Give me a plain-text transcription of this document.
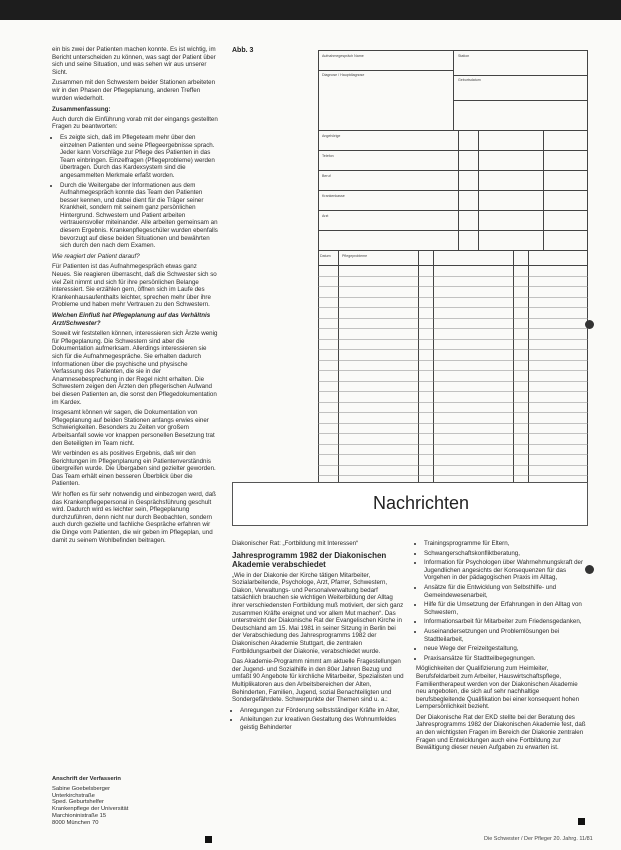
ein bis zwei der Patienten machen konnte. Es ist wichtig, im Bericht unterscheiden zu können, was sagt der Patient über sich und seine Situation, und was sehen wir aus unserer Sicht.

Zusammen mit den Schwestern beider Stationen arbeiteten wir in den Phasen der Pflegeplanung, anderen Treffen wurden wiederholt.

Zusammenfassung:

Auch durch die Einführung vorab mit der eingangs gestellten Fragen zu beantworten:

• Es zeigte sich, daß im Pflegeteam mehr über den einzelnen Patienten und seine Pflegeergebnisse sprach. Jeder kann Vorschläge zur Pflege des Patienten in das Team einbringen. Einzelfragen (Pflegeprobleme) werden übertragen. Durch das Kardexsystem sind die angesammelten Merkmale erfaßt worden.
• Durch die Weitergabe der Informationen aus dem Aufnahmegespräch konnte das Team den Patienten besser kennen, und dabei dient für die Träger seiner Krankheit, sondern mit seinem ganz persönlichen Hintergrund. Schwestern und Patient arbeiten vertrauensvoller miteinander. Alle arbeiten gemeinsam an diesem Ergebnis. Krankenpflegeschüler wurden ebenfalls bevorzugt auf diese beiden Situationen und bewährten sich durch den nach dem Examen.

Wie reagiert der Patient darauf?

Für Patienten ist das Aufnahmegespräch etwas ganz Neues. Sie reagieren überrascht, daß die Schwester sich so viel Zeit nimmt und sich für ihre persönlichen Belange interessiert. Sie erzählen gern, öffnen sich im Laufe des Krankenhausaufenthalts leichter, sprechen mehr über ihre Probleme und haben mehr Vertrauen zu den Schwestern.

Welchen Einfluß hat Pflegeplanung auf das Verhältnis Arzt/Schwester?

Soweit wir feststellen können, interessieren sich Ärzte wenig für Pflegeplanung. Die Schwestern sind aber die Dokumentation aufmerksam. Allerdings interessieren sie sich für die Aufnahmegespräche. Sie erhalten dadurch Informationen über die psychische und physische Verfassung des Patienten, die sie in der Anamnesebesprechung in der Regel nicht erhalten. Die Schwestern zeigen den Ärzten den pflegerischen Aufwand bei diesen Patienten an, die sonst den Pflegedokumentation im Kardex.

Insgesamt können wir sagen, die Dokumentation von Pflegeplanung auf beiden Stationen anfangs erwies einer Schwierigkeiten. Besonders zu Zeiten vor großem Arbeitsanfall sowie vor knappen personellen Besetzung trat den Beteiligten im Team nicht.

Wir verbinden es als positives Ergebnis, daß wir den Berichtungen im Pflegenplanung ein Patientenverständnis übergreifen wurde. Die Übergaben sind gezielter geworden. Das Team erhält einen besseren Überblick über die Patienten.

Wir hoffen es für sehr notwendig und einbezogen werd, daß das Krankenpflegepersonal in Gesprächsführung geschult wird. Dadurch wird es leichter sein, Pflegeplanung durchzuführen, denn nicht nur durch Beobachten, sondern auch durch gezielte und fachliche Gespräche erfahren wir die Dinge vom Patienten, die wir geben im Pflegeplan, und damit zu seinem Wohlbefinden beitragen.

Anschrift der Verfasserin

Sabine Goebelsberger
Unterkirchstraße
Sped. Geburtshelfer
Krankenpflege der Universität
Marchioninistraße 15
8000 München 70
Abb. 3
Aufnahmegespräch Name	Station
Diagnose / Hauptdiagnose
Geburtsdatum
Angehörige
Telefon
Beruf
Krankenkasse
Arzt
Datum	Pflegeprobleme
Nachrichten

Diakonischer Rat: „Fortbildung mit Interessen“

Jahresprogramm 1982 der Diakonischen Akademie verabschiedet

„Wie in der Diakonie der Kirche tätigen Mitarbeiter, Sozialarbeitende, Psychologe, Arzt, Pfarrer, Schwestern, Diakon, Verwaltungs- und Personalverwaltung bedarf tatsächlich brauchen sie wichtigen Weiterbildung der Alltag ihrer verschiedensten Fortbildung muß motiviert, der sich ganz zusammen Kräfte ereignet und vor allem Mut machen“. Das unterstreicht der Diakonische Rat der Evangelischen Kirche in Deutschland am 15. Mai 1981 in seiner Sitzung in Berlin bei der Verabschiedung des Jahresprogramms 1982 der Diakonischen Akademie Stuttgart, die zentralen Fortbildungsarbeit der Diakonie, verabschiedet wurde.

Das Akademie-Programm nimmt am aktuelle Fragestellungen der Jugend- und Sozialhilfe in den 80er Jahren Bezug und umfaßt 90 Angebote für kirchliche Mitarbeiter, Spezialisten und Multiplikatoren aus den Arbeitsbereichen der Alten, Behinderten, Familien, Jugend, sozial Benachteiligten und Sondergefährdete. Schwerpunkte der Themen sind u. a.:

• Anregungen zur Förderung selbstständiger Kräfte im Alter,
• Anleitungen zur kreativen Gestaltung des Wohnumfeldes geistig Behinderter
• Trainingsprogramme für Eltern,
• Schwangerschaftskonfliktberatung,
• Information für Psychologen über Wahrnehmungskraft der Jugendlichen angesichts der Konsequenzen für das Vorgehen in der pädagogischen Praxis im Alltag,
• Ansätze für die Entwicklung von Selbsthilfe- und Gemeindewesenarbeit,
• Hilfe für die Umsetzung der Erfahrungen in den Alltag von Schwestern,
• Informationsarbeit für Mitarbeiter zum Friedensgedanken,
• Auseinandersetzungen und Problemlösungen bei Stadtteilarbeit,
• neue Wege der Freizeitgestaltung,
• Praxisansätze für Stadtteilbegegnungen.

Möglichkeiten der Qualifizierung zum Heimleiter, Berufsfeldarbeit zum Arbeiter, Hauswirtschaftspflege, Familientherapeut werden von der Diakonischen Akademie neu angeboten, die sich auf sehr nachhaltige berufsbegleitende Qualifikation bei einer konsequent hohen Lernpersönlichkeit bezieht.

Der Diakonische Rat der EKD stellte bei der Beratung des Jahresprogramms 1982 der Diakonischen Akademie fest, daß an den wichtigsten Fragen im Bereich der Diakonie zentralen Fragen und Entwicklungen auch eine Fortbildung zur Bewältigung dieser neuen Aufgaben zu erwarten ist.

Die Schwester / Der Pfleger 20. Jahrg. 11/81
